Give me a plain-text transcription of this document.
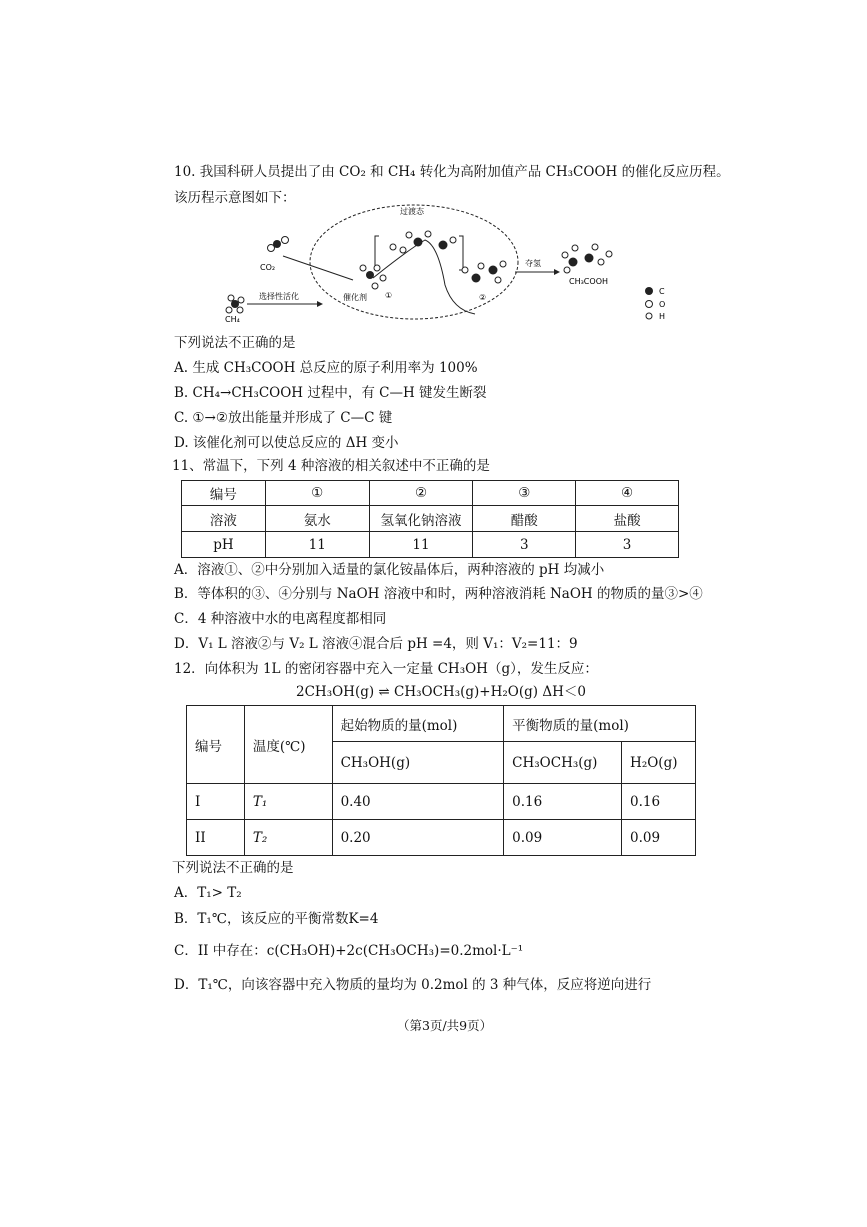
10. 我国科研人员提出了由 CO₂ 和 CH₄ 转化为高附加值产品 CH₃COOH 的催化反应历程。
该历程示意图如下：
过渡态
CO₂
CH₄
选择性活化	催化剂 ①	②
夺氢
CH₃COOH
C
O
H
下列说法不正确的是
A. 生成 CH₃COOH 总反应的原子利用率为 100%
B. CH₄→CH₃COOH 过程中，有 C—H 键发生断裂
C. ①→②放出能量并形成了 C—C 键
D. 该催化剂可以使总反应的 ΔH 变小
11、常温下，下列 4 种溶液的相关叙述中不正确的是
编号	①	②	③	④
溶液	氨水	氢氧化钠溶液	醋酸	盐酸
pH	11	11	3	3
A．溶液①、②中分别加入适量的氯化铵晶体后，两种溶液的 pH 均减小
B．等体积的③、④分别与 NaOH 溶液中和时，两种溶液消耗 NaOH 的物质的量③>④
C．4 种溶液中水的电离程度都相同
D．V₁ L 溶液②与 V₂ L 溶液④混合后 pH =4，则 V₁：V₂=11：9
12．向体积为 1L 的密闭容器中充入一定量 CH₃OH（g），发生反应：
2CH₃OH(g) ⇌ CH₃OCH₃(g)+H₂O(g) ΔH＜0
编号	温度(℃)	起始物质的量(mol)	平衡物质的量(mol)	
		CH₃OH(g)	CH₃OCH₃(g)	H₂O(g)
I	T₁	0.40	0.16	0.16
II	T₂	0.20	0.09	0.09
下列说法不正确的是
A．T₁> T₂
B．T₁℃，该反应的平衡常数K=4
C．II 中存在：c(CH₃OH)+2c(CH₃OCH₃)=0.2mol·L⁻¹
D．T₁℃，向该容器中充入物质的量均为 0.2mol 的 3 种气体，反应将逆向进行
（第3页/共9页）
